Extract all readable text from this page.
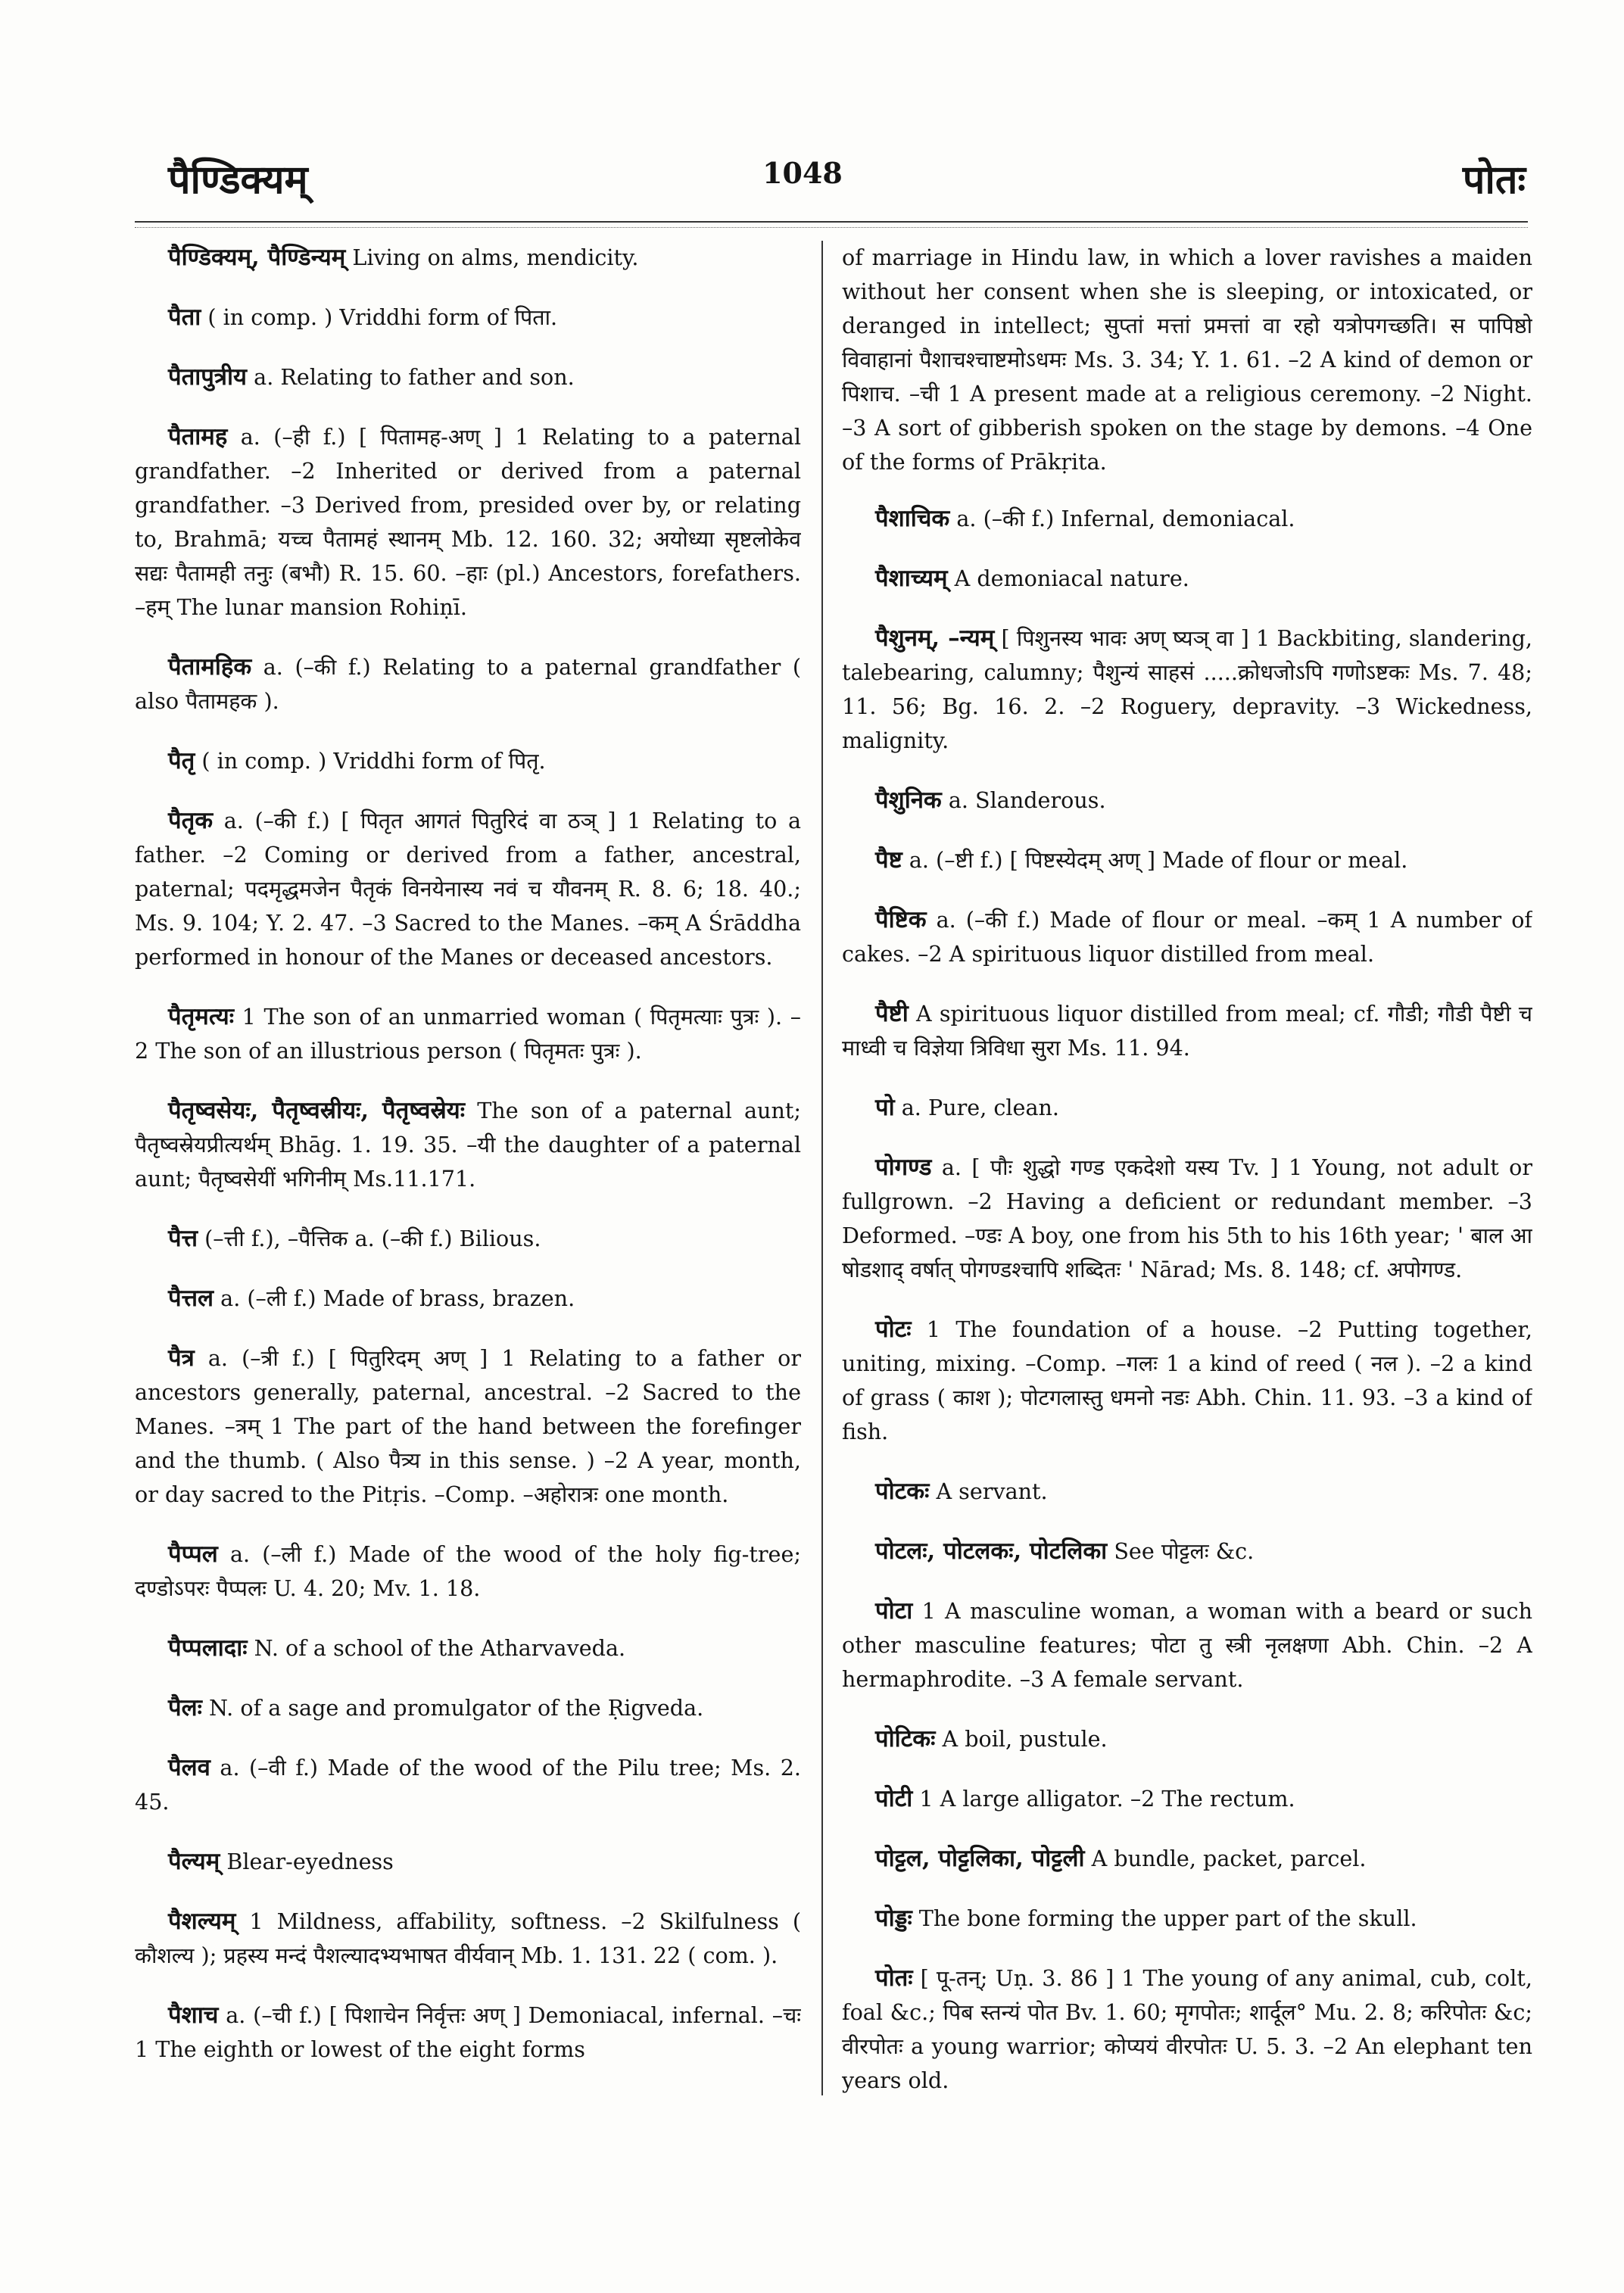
पैण्डिक्यम्	1048	पोतः

पैण्डिक्यम्, पैण्डिन्यम् Living on alms, mendicity.

पैता ( in comp. ) Vriddhi form of पिता.

पैतापुत्रीय a. Relating to father and son.

पैतामह a. (–ही f.) [ पितामह-अण् ] 1 Relating to a paternal grandfather. –2 Inherited or derived from a paternal grandfather. –3 Derived from, presided over by, or relating to, Brahmā; यच्च पैतामहं स्थानम् Mb. 12. 160. 32; अयोध्या सृष्टलोकेव सद्यः पैतामही तनुः (बभौ) R. 15. 60. –हाः (pl.) Ancestors, forefathers. –हम् The lunar mansion Rohiṇī.

पैतामहिक a. (–की f.) Relating to a paternal grandfather ( also पैतामहक ).

पैतृ ( in comp. ) Vriddhi form of पितृ.

पैतृक a. (–की f.) [ पितृत आगतं पितुरिदं वा ठञ् ] 1 Relating to a father. –2 Coming or derived from a father, ancestral, paternal; पदमृद्धमजेन पैतृकं विनयेनास्य नवं च यौवनम् R. 8. 6; 18. 40.; Ms. 9. 104; Y. 2. 47. –3 Sacred to the Manes. –कम् A Śrāddha performed in honour of the Manes or deceased ancestors.

पैतृमत्यः 1 The son of an unmarried woman ( पितृमत्याः पुत्रः ). –2 The son of an illustrious person ( पितृमतः पुत्रः ).

पैतृष्वसेयः, पैतृष्वस्रीयः, पैतृष्वस्रेयः The son of a paternal aunt; पैतृष्वस्रेयप्रीत्यर्थम् Bhāg. 1. 19. 35. –यी the daughter of a paternal aunt; पैतृष्वसेयीं भगिनीम् Ms.11.171.

पैत्त (–त्ती f.), –पैत्तिक a. (–की f.) Bilious.

पैत्तल a. (–ली f.) Made of brass, brazen.

पैत्र a. (–त्री f.) [ पितुरिदम् अण् ] 1 Relating to a father or ancestors generally, paternal, ancestral. –2 Sacred to the Manes. –त्रम् 1 The part of the hand between the forefinger and the thumb. ( Also पैत्र्य in this sense. ) –2 A year, month, or day sacred to the Pitṛis. –Comp. –अहोरात्रः one month.

पैप्पल a. (–ली f.) Made of the wood of the holy fig-tree; दण्डोऽपरः पैप्पलः U. 4. 20; Mv. 1. 18.

पैप्पलादाः N. of a school of the Atharvaveda.

पैलः N. of a sage and promulgator of the Ṛigveda.

पैलव a. (–वी f.) Made of the wood of the Pilu tree; Ms. 2. 45.

पैल्यम् Blear-eyedness

पैशल्यम् 1 Mildness, affability, softness. –2 Skilfulness ( कौशल्य ); प्रहस्य मन्दं पैशल्यादभ्यभाषत वीर्यवान् Mb. 1. 131. 22 ( com. ).

पैशाच a. (–ची f.) [ पिशाचेन निर्वृत्तः अण् ] Demoniacal, infernal. –चः 1 The eighth or lowest of the eight forms

of marriage in Hindu law, in which a lover ravishes a maiden without her consent when she is sleeping, or intoxicated, or deranged in intellect; सुप्तां मत्तां प्रमत्तां वा रहो यत्रोपगच्छति। स पापिष्ठो विवाहानां पैशाचश्चाष्टमोऽधमः Ms. 3. 34; Y. 1. 61. –2 A kind of demon or पिशाच. –ची 1 A present made at a religious ceremony. –2 Night. –3 A sort of gibberish spoken on the stage by demons. –4 One of the forms of Prākṛita.

पैशाचिक a. (–की f.) Infernal, demoniacal.

पैशाच्यम् A demoniacal nature.

पैशुनम्, –न्यम् [ पिशुनस्य भावः अण् ष्यञ् वा ] 1 Backbiting, slandering, talebearing, calumny; पैशुन्यं साहसं .....क्रोधजोऽपि गणोऽष्टकः Ms. 7. 48; 11. 56; Bg. 16. 2. –2 Roguery, depravity. –3 Wickedness, malignity.

पैशुनिक a. Slanderous.

पैष्ट a. (–ष्टी f.) [ पिष्टस्येदम् अण् ] Made of flour or meal.

पैष्टिक a. (–की f.) Made of flour or meal. –कम् 1 A number of cakes. –2 A spirituous liquor distilled from meal.

पैष्टी A spirituous liquor distilled from meal; cf. गौडी; गौडी पैष्टी च माध्वी च विज्ञेया त्रिविधा सुरा Ms. 11. 94.

पो a. Pure, clean.

पोगण्ड a. [ पौः शुद्धो गण्ड एकदेशो यस्य Tv. ] 1 Young, not adult or fullgrown. –2 Having a deficient or redundant member. –3 Deformed. –ण्डः A boy, one from his 5th to his 16th year; ' बाल आ षोडशाद् वर्षात् पोगण्डश्चापि शब्दितः ' Nārad; Ms. 8. 148; cf. अपोगण्ड.

पोटः 1 The foundation of a house. –2 Putting together, uniting, mixing. –Comp. –गलः 1 a kind of reed ( नल ). –2 a kind of grass ( काश ); पोटगलास्तु धमनो नडः Abh. Chin. 11. 93. –3 a kind of fish.

पोटकः A servant.

पोटलः, पोटलकः, पोटलिका See पोट्टलः &c.

पोटा 1 A masculine woman, a woman with a beard or such other masculine features; पोटा तु स्त्री नृलक्षणा Abh. Chin. –2 A hermaphrodite. –3 A female servant.

पोटिकः A boil, pustule.

पोटी 1 A large alligator. –2 The rectum.

पोट्टल, पोट्टलिका, पोट्टली A bundle, packet, parcel.

पोड्डः The bone forming the upper part of the skull.

पोतः [ पू-तन्; Uṇ. 3. 86 ] 1 The young of any animal, cub, colt, foal &c.; पिब स्तन्यं पोत Bv. 1. 60; मृगपोतः; शार्दूल° Mu. 2. 8; करिपोतः &c; वीरपोतः a young warrior; कोप्ययं वीरपोतः U. 5. 3. –2 An elephant ten years old.
